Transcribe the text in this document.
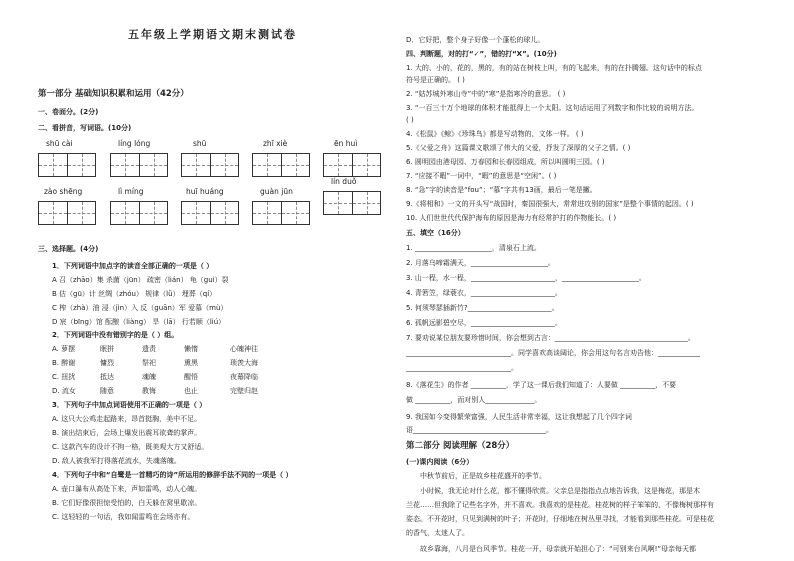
五年级上学期语文期末测试卷
第一部分 基础知识积累和运用（42分）
一、卷面分。(2分)
二、看拼音，写词语。(10分)
shū cài	líng lóng	shū	zhī xiè	ēn huì
zào shēng	lì míng	huī huáng	guàn jūn
lín duǒ
三、选择题。(4分)
1．下列词语中加点字的读音全部正确的一项是（ ）
A 召（zhāo）集 杀菌（jūn） 疏密（lián） 龟（gui）裂
B 估（gū）计 丝绸（zhóu） 规律（lǜ） 埋葬（qí）
C 榨（zhà）油 浸（jìn）入 反（guān）军 爱慕（mù）
D 宸（bīng）馆 酝酿（liàng） 旱（lā） 行若顺（liú）
2．下列词语中没有错别字的是（ ）组。
A. 萝摆	眠拼	遗责	懒惰	心魄神往
B. 醉谢	慵烈	祭祀	熏黑	琐羡大海
C. 扭扰	抵达	魂魄	醒悟	夜幕降临
D. 流女	随意	教悔	也止	完壁归赵
3．下列句子中加点词语使用不正确的一项是（ ）
A. 这只大公鸡走起路来，昂首挺胸，美中不足。
B. 演出结束后，会场上爆发出震耳欲聋的掌声。
C. 这款汽车的设计不拘一格，既美观大方又舒适。
D. 敌人被我军打得落花流水，失魂落魄。
4．下列句子中和“自鹭是一首精巧的诗”所运用的修辞手法不同的一项是（ ）
A. 壶口瀑布从高处下来，声如雷鸣，动人心魄。
B. 它们好像很担惊受怕的，白天躲在窝里歇凉。
C. 这轻轻的一句话，我如闻雷鸣在会场亦有。
D．它好把，整个身子好像一个蓬松的球儿。
四、判断题，对的打“✓”，错的打“X”。(10分)
1. 大的、小的，花的，黑的，有的站在树枝上叫，有的飞起来，有的在扑腾翅。这句话中的标点
符号是正确的。 ( )
2. “姑苏城外寒山寺”中的“寒”是指寒冷的意思。 ( )
3. “一百三十万个地球的体积才能抵得上一个太阳。这句话运用了列数字和作比较的说明方法。
( )
4.《松鼠》《鲸》《珍珠鸟》都是写动物的，文体一样。 ( )
5.《父爱之舟》这篇课文歌颂了伟大的父爱，抒发了深厚的父子之情。( )
6. 圆明园由港母园、万春园和长春园组成，所以叫圆明三园。( )
7. “应接不暇”一词中，“暇”的意思是“空闲”。( )
8. “急”字的读音是“fou”；“慕”字共有13画，最后一笔是撇。
9.《将相和》一文的开头写“战国时，秦国很强大，常常进攻别的国家”是整个事情的起因。( )
10. 人们世世代代保护海布的原因是海力有经常护打的作物能长。( )
五、填空（16分）
1. ______________________，清泉石上流。
2. 月落乌啼霜满天，______________________。
3. 山一程，水一程，________________________，______________________。
4. 青箬笠，绿蓑衣，________________________。
5. 何须琴瑟插新竹?________________________。
6. 孤帆远影碧空尽，________________________。
7. 要劝说某位朋友要珍惜时间，你会想到古言：______________________________________。
______________________________。同学喜欢高谈阔论，你会用这句名言劝告他：____________
______________________________。
8.《落花生》的作者 __________，学了这一课后我们知道了：人要做 __________，不要
做 __________，而对别人______________。
9. 我国如今变得繁荣富强，人民生活非常幸福，这让我想起了几个四字词
语______________________________________。
第二部分 阅读理解（28分）
(一)课内阅读（6分）
中秋节前后，正是故乡桂花盛开的季节。
小时候，我无论对什么花，都不懂得欣赏。父亲总是指指点点地告诉我，这是梅花，那是木
兰花……但我除了记些名字外，并不喜欢。我喜欢的是桂花。桂花树的样子笨笨的，不像梅树那样有
姿态。不开花时，只见到满树的叶子；开花时，仔细地在树丛里寻找，才能看到那些桂花。可是桂花
的香气，太迷人了。
故乡靠海，八月是台风季节。桂花一开，母亲就开始担心了：“可别来台风啊!”母亲每天都
